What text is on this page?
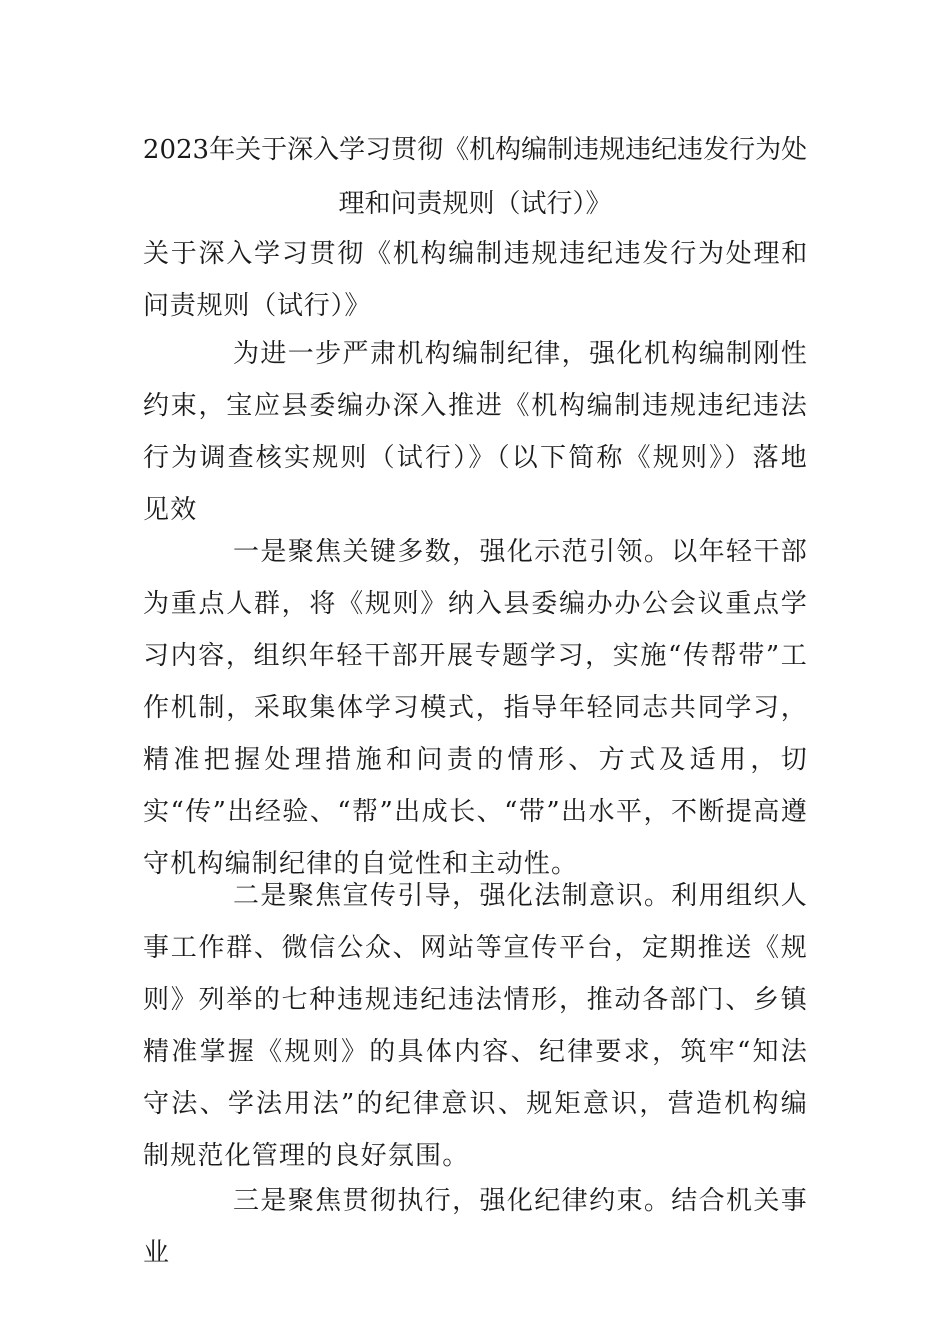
2023年关于深入学习贯彻《机构编制违规违纪违发行为处
理和问责规则（试行）》
关于深入学习贯彻《机构编制违规违纪违发行为处理和问责规则（试行）》
为进一步严肃机构编制纪律，强化机构编制刚性约束，宝应县委编办深入推进《机构编制违规违纪违法行为调查核实规则（试行）》（以下简称《规则》）落地见效
一是聚焦关键多数，强化示范引领。以年轻干部为重点人群，将《规则》纳入县委编办办公会议重点学习内容，组织年轻干部开展专题学习，实施“传帮带”工作机制，采取集体学习模式，指导年轻同志共同学习，精准把握处理措施和问责的情形、方式及适用，切实“传”出经验、“帮”出成长、“带”出水平，不断提高遵守机构编制纪律的自觉性和主动性。
二是聚焦宣传引导，强化法制意识。利用组织人事工作群、微信公众、网站等宣传平台，定期推送《规则》列举的七种违规违纪违法情形，推动各部门、乡镇精准掌握《规则》的具体内容、纪律要求，筑牢“知法守法、学法用法”的纪律意识、规矩意识，营造机构编制规范化管理的良好氛围。
三是聚焦贯彻执行，强化纪律约束。结合机关事业
